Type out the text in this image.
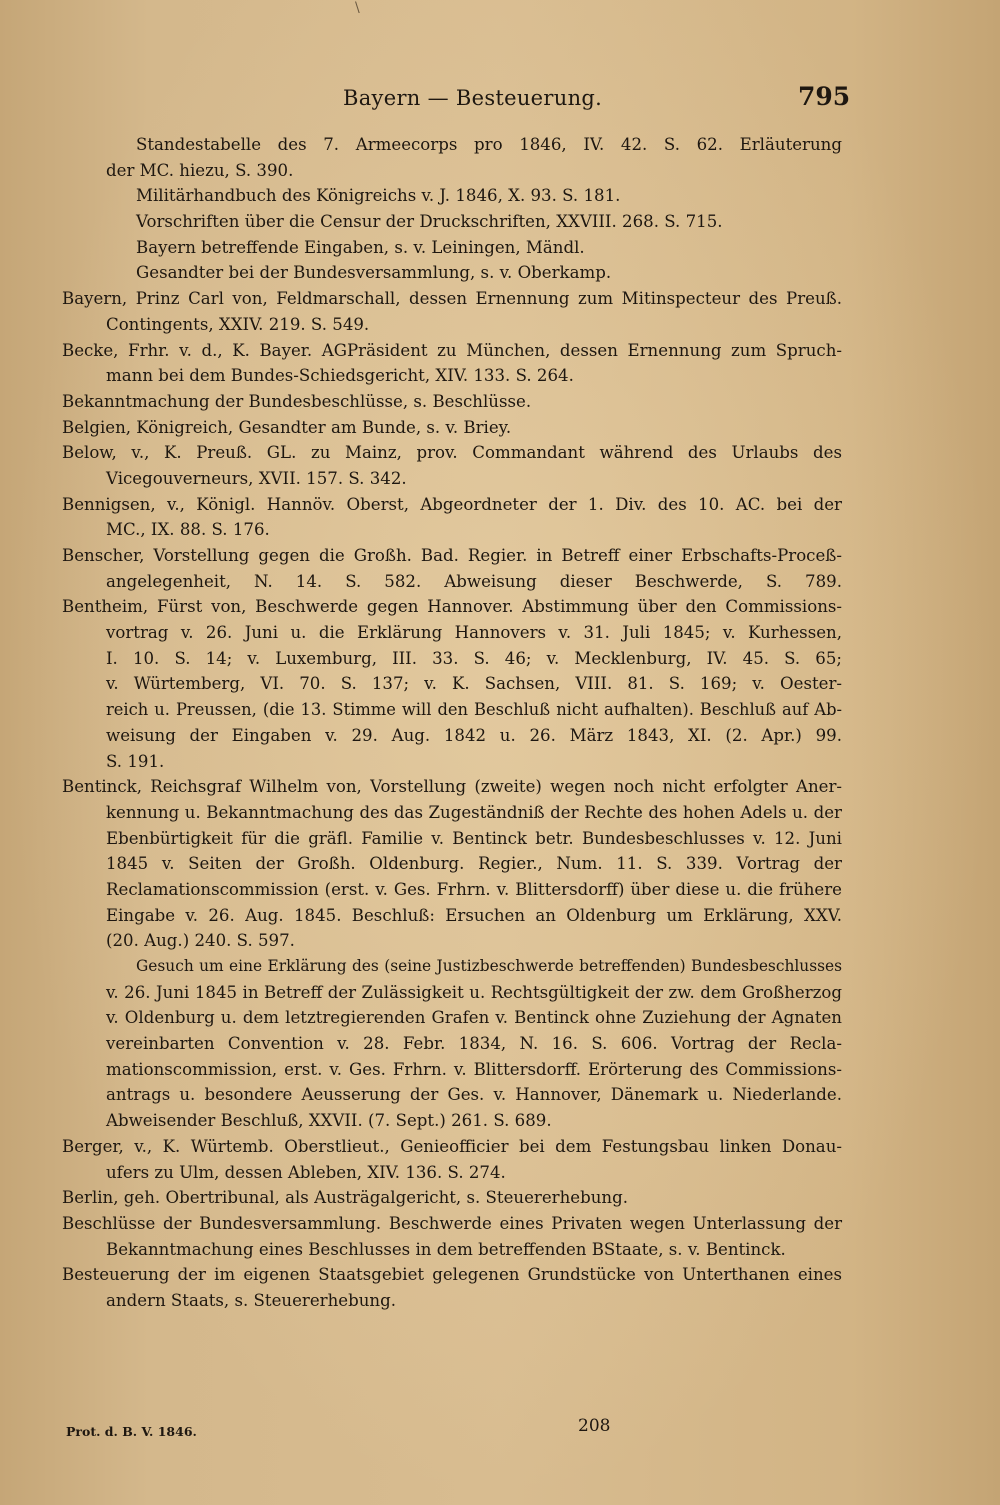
\
Bayern — Besteuerung.	795
Standestabelle des 7. Armeecorps pro 1846, IV. 42. S. 62. Erläuterung
der MC. hiezu, S. 390.
Militärhandbuch des Königreichs v. J. 1846, X. 93. S. 181.
Vorschriften über die Censur der Druckschriften, XXVIII. 268. S. 715.
Bayern betreffende Eingaben, s. v. Leiningen, Mändl.
Gesandter bei der Bundesversammlung, s. v. Oberkamp.
Bayern, Prinz Carl von, Feldmarschall, dessen Ernennung zum Mitinspecteur des Preuß.
Contingents, XXIV. 219. S. 549.
Becke, Frhr. v. d., K. Bayer. AGPräsident zu München, dessen Ernennung zum Spruch-
mann bei dem Bundes-Schiedsgericht, XIV. 133. S. 264.
Bekanntmachung der Bundesbeschlüsse, s. Beschlüsse.
Belgien, Königreich, Gesandter am Bunde, s. v. Briey.
Below, v., K. Preuß. GL. zu Mainz, prov. Commandant während des Urlaubs des
Vicegouverneurs, XVII. 157. S. 342.
Bennigsen, v., Königl. Hannöv. Oberst, Abgeordneter der 1. Div. des 10. AC. bei der
MC., IX. 88. S. 176.
Benscher, Vorstellung gegen die Großh. Bad. Regier. in Betreff einer Erbschafts-Proceß-
angelegenheit, N. 14. S. 582. Abweisung dieser Beschwerde, S. 789.
Bentheim, Fürst von, Beschwerde gegen Hannover. Abstimmung über den Commissions-
vortrag v. 26. Juni u. die Erklärung Hannovers v. 31. Juli 1845; v. Kurhessen,
I. 10. S. 14; v. Luxemburg, III. 33. S. 46; v. Mecklenburg, IV. 45. S. 65;
v. Würtemberg, VI. 70. S. 137; v. K. Sachsen, VIII. 81. S. 169; v. Oester-
reich u. Preussen, (die 13. Stimme will den Beschluß nicht aufhalten). Beschluß auf Ab-
weisung der Eingaben v. 29. Aug. 1842 u. 26. März 1843, XI. (2. Apr.) 99.
S. 191.
Bentinck, Reichsgraf Wilhelm von, Vorstellung (zweite) wegen noch nicht erfolgter Aner-
kennung u. Bekanntmachung des das Zugeständniß der Rechte des hohen Adels u. der
Ebenbürtigkeit für die gräfl. Familie v. Bentinck betr. Bundesbeschlusses v. 12. Juni
1845 v. Seiten der Großh. Oldenburg. Regier., Num. 11. S. 339. Vortrag der
Reclamationscommission (erst. v. Ges. Frhrn. v. Blittersdorff) über diese u. die frühere
Eingabe v. 26. Aug. 1845. Beschluß: Ersuchen an Oldenburg um Erklärung, XXV.
(20. Aug.) 240. S. 597.
Gesuch um eine Erklärung des (seine Justizbeschwerde betreffenden) Bundesbeschlusses
v. 26. Juni 1845 in Betreff der Zulässigkeit u. Rechtsgültigkeit der zw. dem Großherzog
v. Oldenburg u. dem letztregierenden Grafen v. Bentinck ohne Zuziehung der Agnaten
vereinbarten Convention v. 28. Febr. 1834, N. 16. S. 606. Vortrag der Recla-
mationscommission, erst. v. Ges. Frhrn. v. Blittersdorff. Erörterung des Commissions-
antrags u. besondere Aeusserung der Ges. v. Hannover, Dänemark u. Niederlande.
Abweisender Beschluß, XXVII. (7. Sept.) 261. S. 689.
Berger, v., K. Würtemb. Oberstlieut., Genieofficier bei dem Festungsbau linken Donau-
ufers zu Ulm, dessen Ableben, XIV. 136. S. 274.
Berlin, geh. Obertribunal, als Austrägalgericht, s. Steuererhebung.
Beschlüsse der Bundesversammlung. Beschwerde eines Privaten wegen Unterlassung der
Bekanntmachung eines Beschlusses in dem betreffenden BStaate, s. v. Bentinck.
Besteuerung der im eigenen Staatsgebiet gelegenen Grundstücke von Unterthanen eines
andern Staats, s. Steuererhebung.
Prot. d. B. V. 1846.	208
